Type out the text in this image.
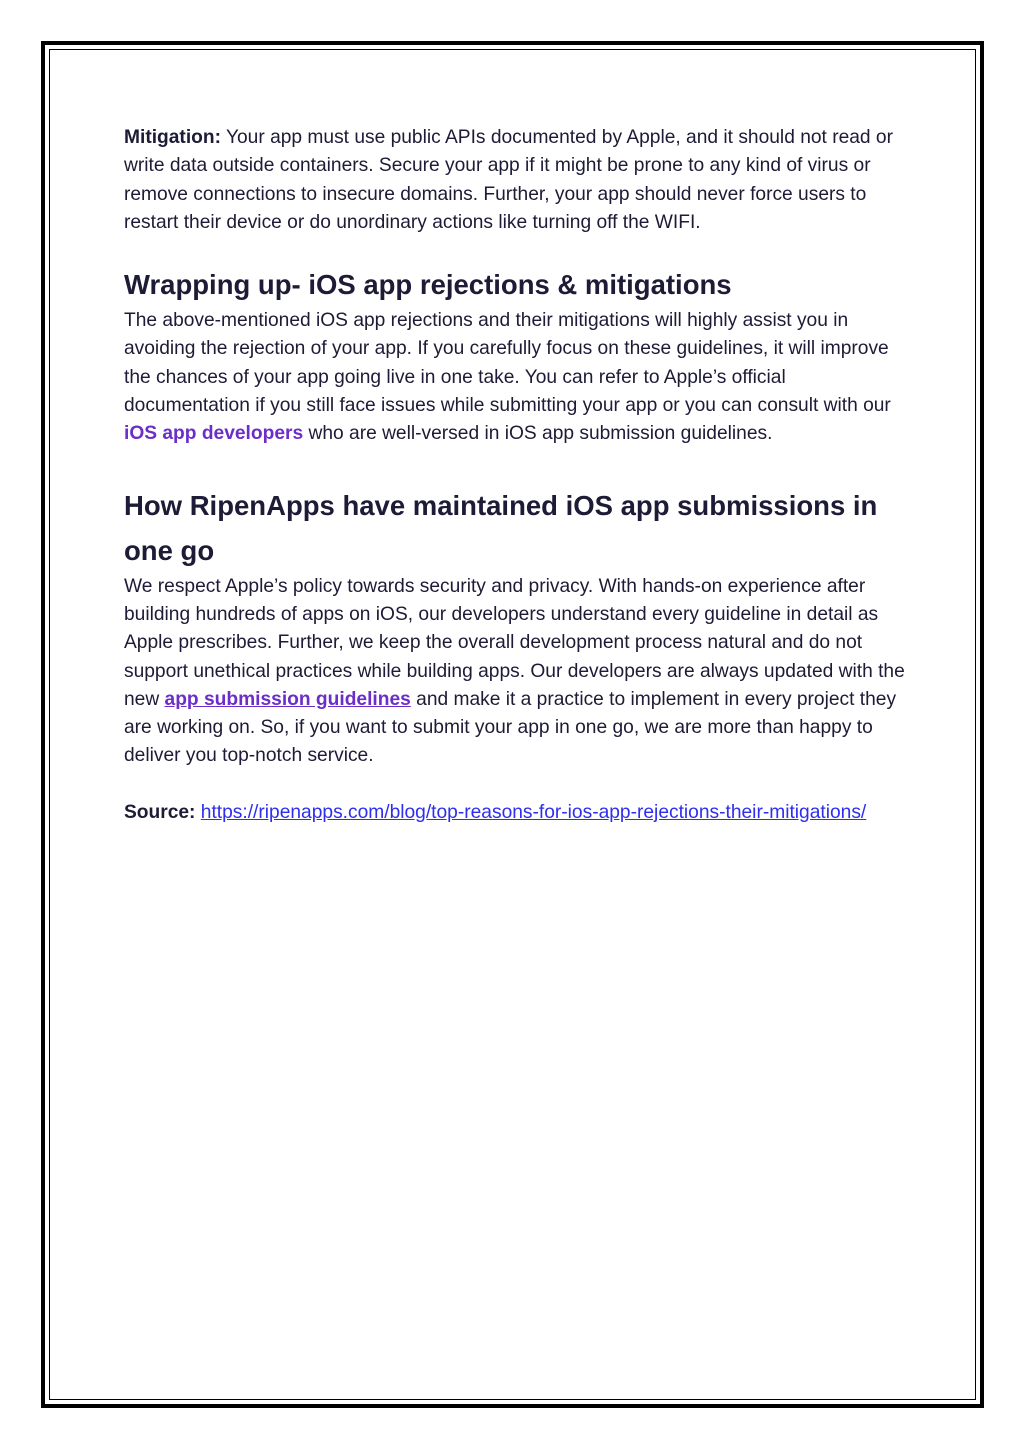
Mitigation: Your app must use public APIs documented by Apple, and it should not read or write data outside containers. Secure your app if it might be prone to any kind of virus or remove connections to insecure domains. Further, your app should never force users to restart their device or do unordinary actions like turning off the WIFI.

Wrapping up- iOS app rejections & mitigations

The above-mentioned iOS app rejections and their mitigations will highly assist you in avoiding the rejection of your app. If you carefully focus on these guidelines, it will improve the chances of your app going live in one take. You can refer to Apple’s official documentation if you still face issues while submitting your app or you can consult with our iOS app developers who are well-versed in iOS app submission guidelines.

How RipenApps have maintained iOS app submissions in one go

We respect Apple’s policy towards security and privacy. With hands-on experience after building hundreds of apps on iOS, our developers understand every guideline in detail as Apple prescribes. Further, we keep the overall development process natural and do not support unethical practices while building apps. Our developers are always updated with the new app submission guidelines and make it a practice to implement in every project they are working on. So, if you want to submit your app in one go, we are more than happy to deliver you top-notch service.

Source: https://ripenapps.com/blog/top-reasons-for-ios-app-rejections-their-mitigations/
